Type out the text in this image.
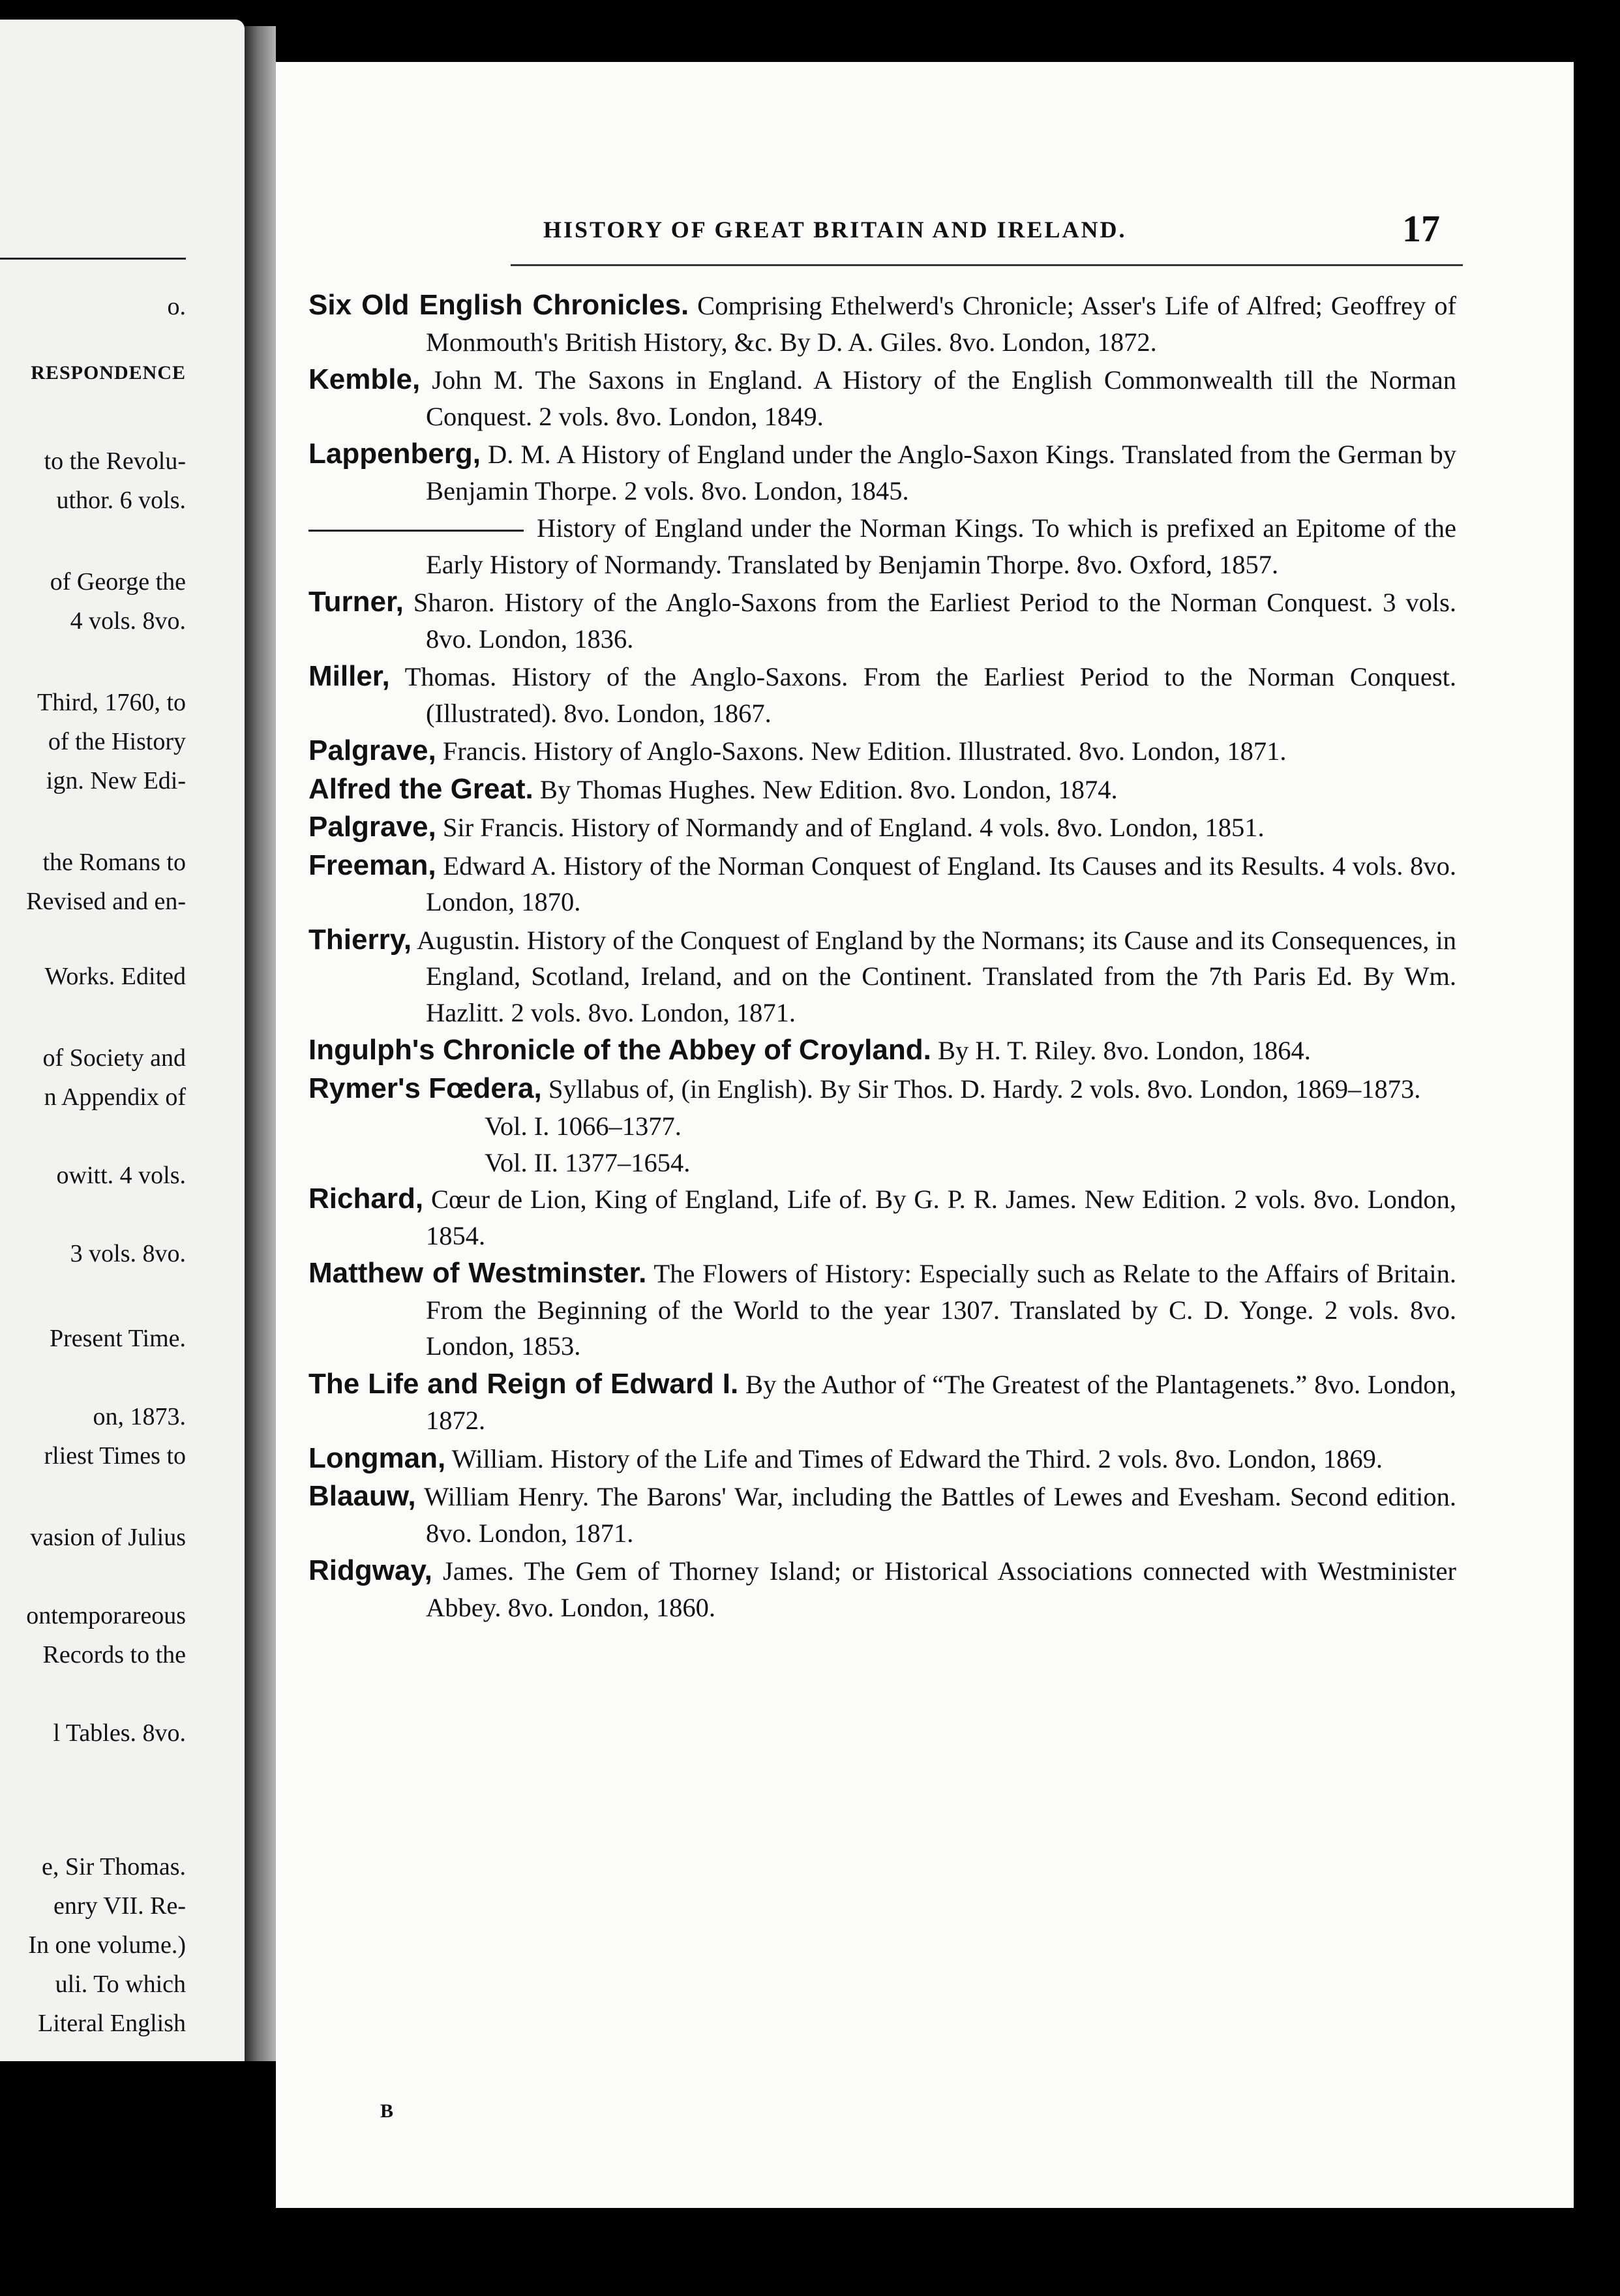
o.
RESPONDENCE
to the Revolu-
uthor. 6 vols.
of George the
4 vols. 8vo.
Third, 1760, to
of the History
ign. New Edi-
the Romans to
Revised and en-
Works. Edited
of Society and
n Appendix of
owitt. 4 vols.
3 vols. 8vo.
Present Time.
on, 1873.
rliest Times to
vasion of Julius
ontemporareous
Records to the
l Tables. 8vo.
e, Sir Thomas.
enry VII. Re-
In one volume.)
uli. To which
Literal English
HISTORY OF GREAT BRITAIN AND IRELAND.	17
Six Old English Chronicles. Comprising Ethelwerd's Chronicle; Asser's Life of Alfred; Geoffrey of Monmouth's British History, &c. By D. A. Giles. 8vo. London, 1872.
Kemble, John M. The Saxons in England. A History of the English Commonwealth till the Norman Conquest. 2 vols. 8vo. London, 1849.
Lappenberg, D. M. A History of England under the Anglo-Saxon Kings. Translated from the German by Benjamin Thorpe. 2 vols. 8vo. London, 1845.
History of England under the Norman Kings. To which is prefixed an Epitome of the Early History of Normandy. Translated by Benjamin Thorpe. 8vo. Oxford, 1857.
Turner, Sharon. History of the Anglo-Saxons from the Earliest Period to the Norman Conquest. 3 vols. 8vo. London, 1836.
Miller, Thomas. History of the Anglo-Saxons. From the Earliest Period to the Norman Conquest. (Illustrated). 8vo. London, 1867.
Palgrave, Francis. History of Anglo-Saxons. New Edition. Illustrated. 8vo. London, 1871.
Alfred the Great. By Thomas Hughes. New Edition. 8vo. London, 1874.
Palgrave, Sir Francis. History of Normandy and of England. 4 vols. 8vo. London, 1851.
Freeman, Edward A. History of the Norman Conquest of England. Its Causes and its Results. 4 vols. 8vo. London, 1870.
Thierry, Augustin. History of the Conquest of England by the Normans; its Cause and its Consequences, in England, Scotland, Ireland, and on the Continent. Translated from the 7th Paris Ed. By Wm. Hazlitt. 2 vols. 8vo. London, 1871.
Ingulph's Chronicle of the Abbey of Croyland. By H. T. Riley. 8vo. London, 1864.
Rymer's Fœdera, Syllabus of, (in English). By Sir Thos. D. Hardy. 2 vols. 8vo. London, 1869–1873.
Vol. I. 1066–1377.
Vol. II. 1377–1654.
Richard, Cœur de Lion, King of England, Life of. By G. P. R. James. New Edition. 2 vols. 8vo. London, 1854.
Matthew of Westminster. The Flowers of History: Especially such as Relate to the Affairs of Britain. From the Beginning of the World to the year 1307. Translated by C. D. Yonge. 2 vols. 8vo. London, 1853.
The Life and Reign of Edward I. By the Author of “The Greatest of the Plantagenets.” 8vo. London, 1872.
Longman, William. History of the Life and Times of Edward the Third. 2 vols. 8vo. London, 1869.
Blaauw, William Henry. The Barons' War, including the Battles of Lewes and Evesham. Second edition. 8vo. London, 1871.
Ridgway, James. The Gem of Thorney Island; or Historical Associations connected with Westminister Abbey. 8vo. London, 1860.
B
